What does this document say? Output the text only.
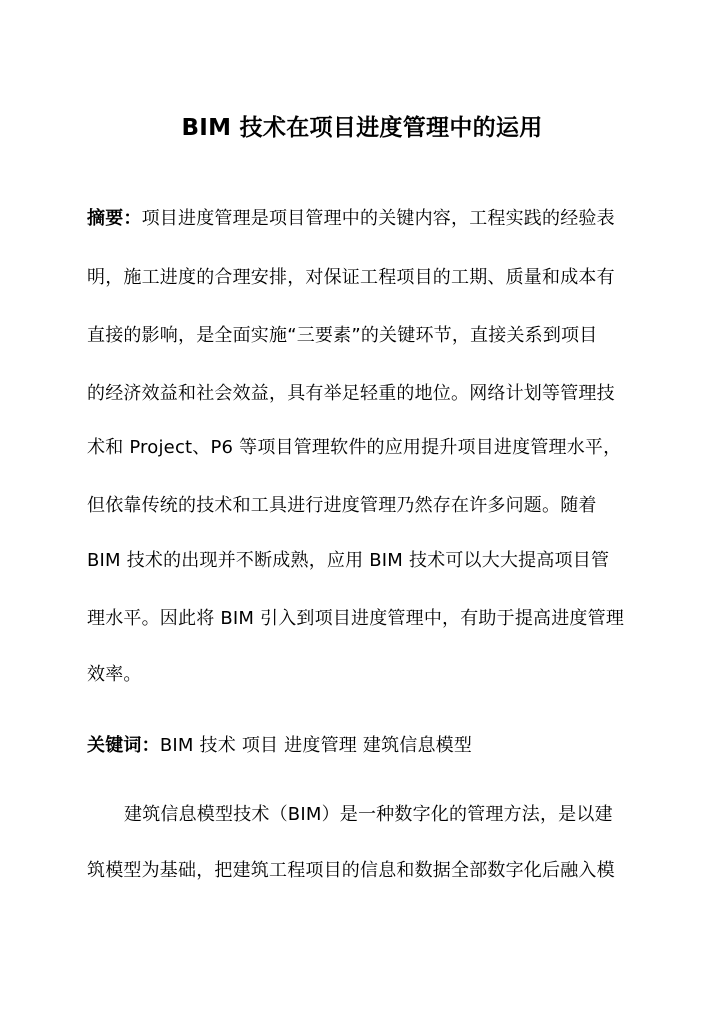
BIM 技术在项目进度管理中的运用
摘要：项目进度管理是项目管理中的关键内容，工程实践的经验表
明，施工进度的合理安排，对保证工程项目的工期、质量和成本有
直接的影响，是全面实施“三要素”的关键环节，直接关系到项目
的经济效益和社会效益，具有举足轻重的地位。网络计划等管理技
术和 Project、P6 等项目管理软件的应用提升项目进度管理水平，
但依靠传统的技术和工具进行进度管理乃然存在许多问题。随着
BIM 技术的出现并不断成熟，应用 BIM 技术可以大大提高项目管
理水平。因此将 BIM 引入到项目进度管理中，有助于提高进度管理
效率。
关键词：BIM 技术 项目 进度管理 建筑信息模型
建筑信息模型技术（BIM）是一种数字化的管理方法，是以建
筑模型为基础，把建筑工程项目的信息和数据全部数字化后融入模
